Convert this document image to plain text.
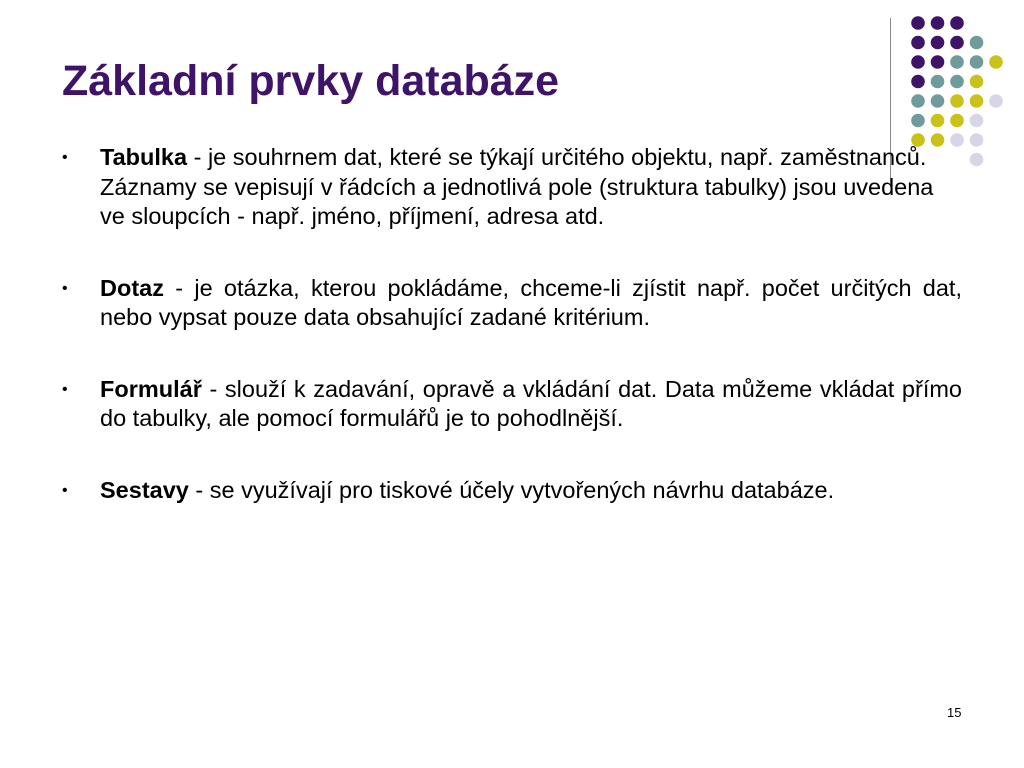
Základní prvky databáze
• Tabulka - je souhrnem dat, které se týkají určitého objektu, např. zaměstnanců. Záznamy se vepisují v řádcích a jednotlivá pole (struktura tabulky) jsou uvedena ve sloupcích - např. jméno, příjmení, adresa atd.
• Dotaz - je otázka, kterou pokládáme, chceme-li zjístit např. počet určitých dat, nebo vypsat pouze data obsahující zadané kritérium.
• Formulář - slouží k zadavání, opravě a vkládání dat. Data můžeme vkládat přímo do tabulky, ale pomocí formulářů je to pohodlnější.
• Sestavy - se využívají pro tiskové účely vytvořených návrhu databáze.
15
